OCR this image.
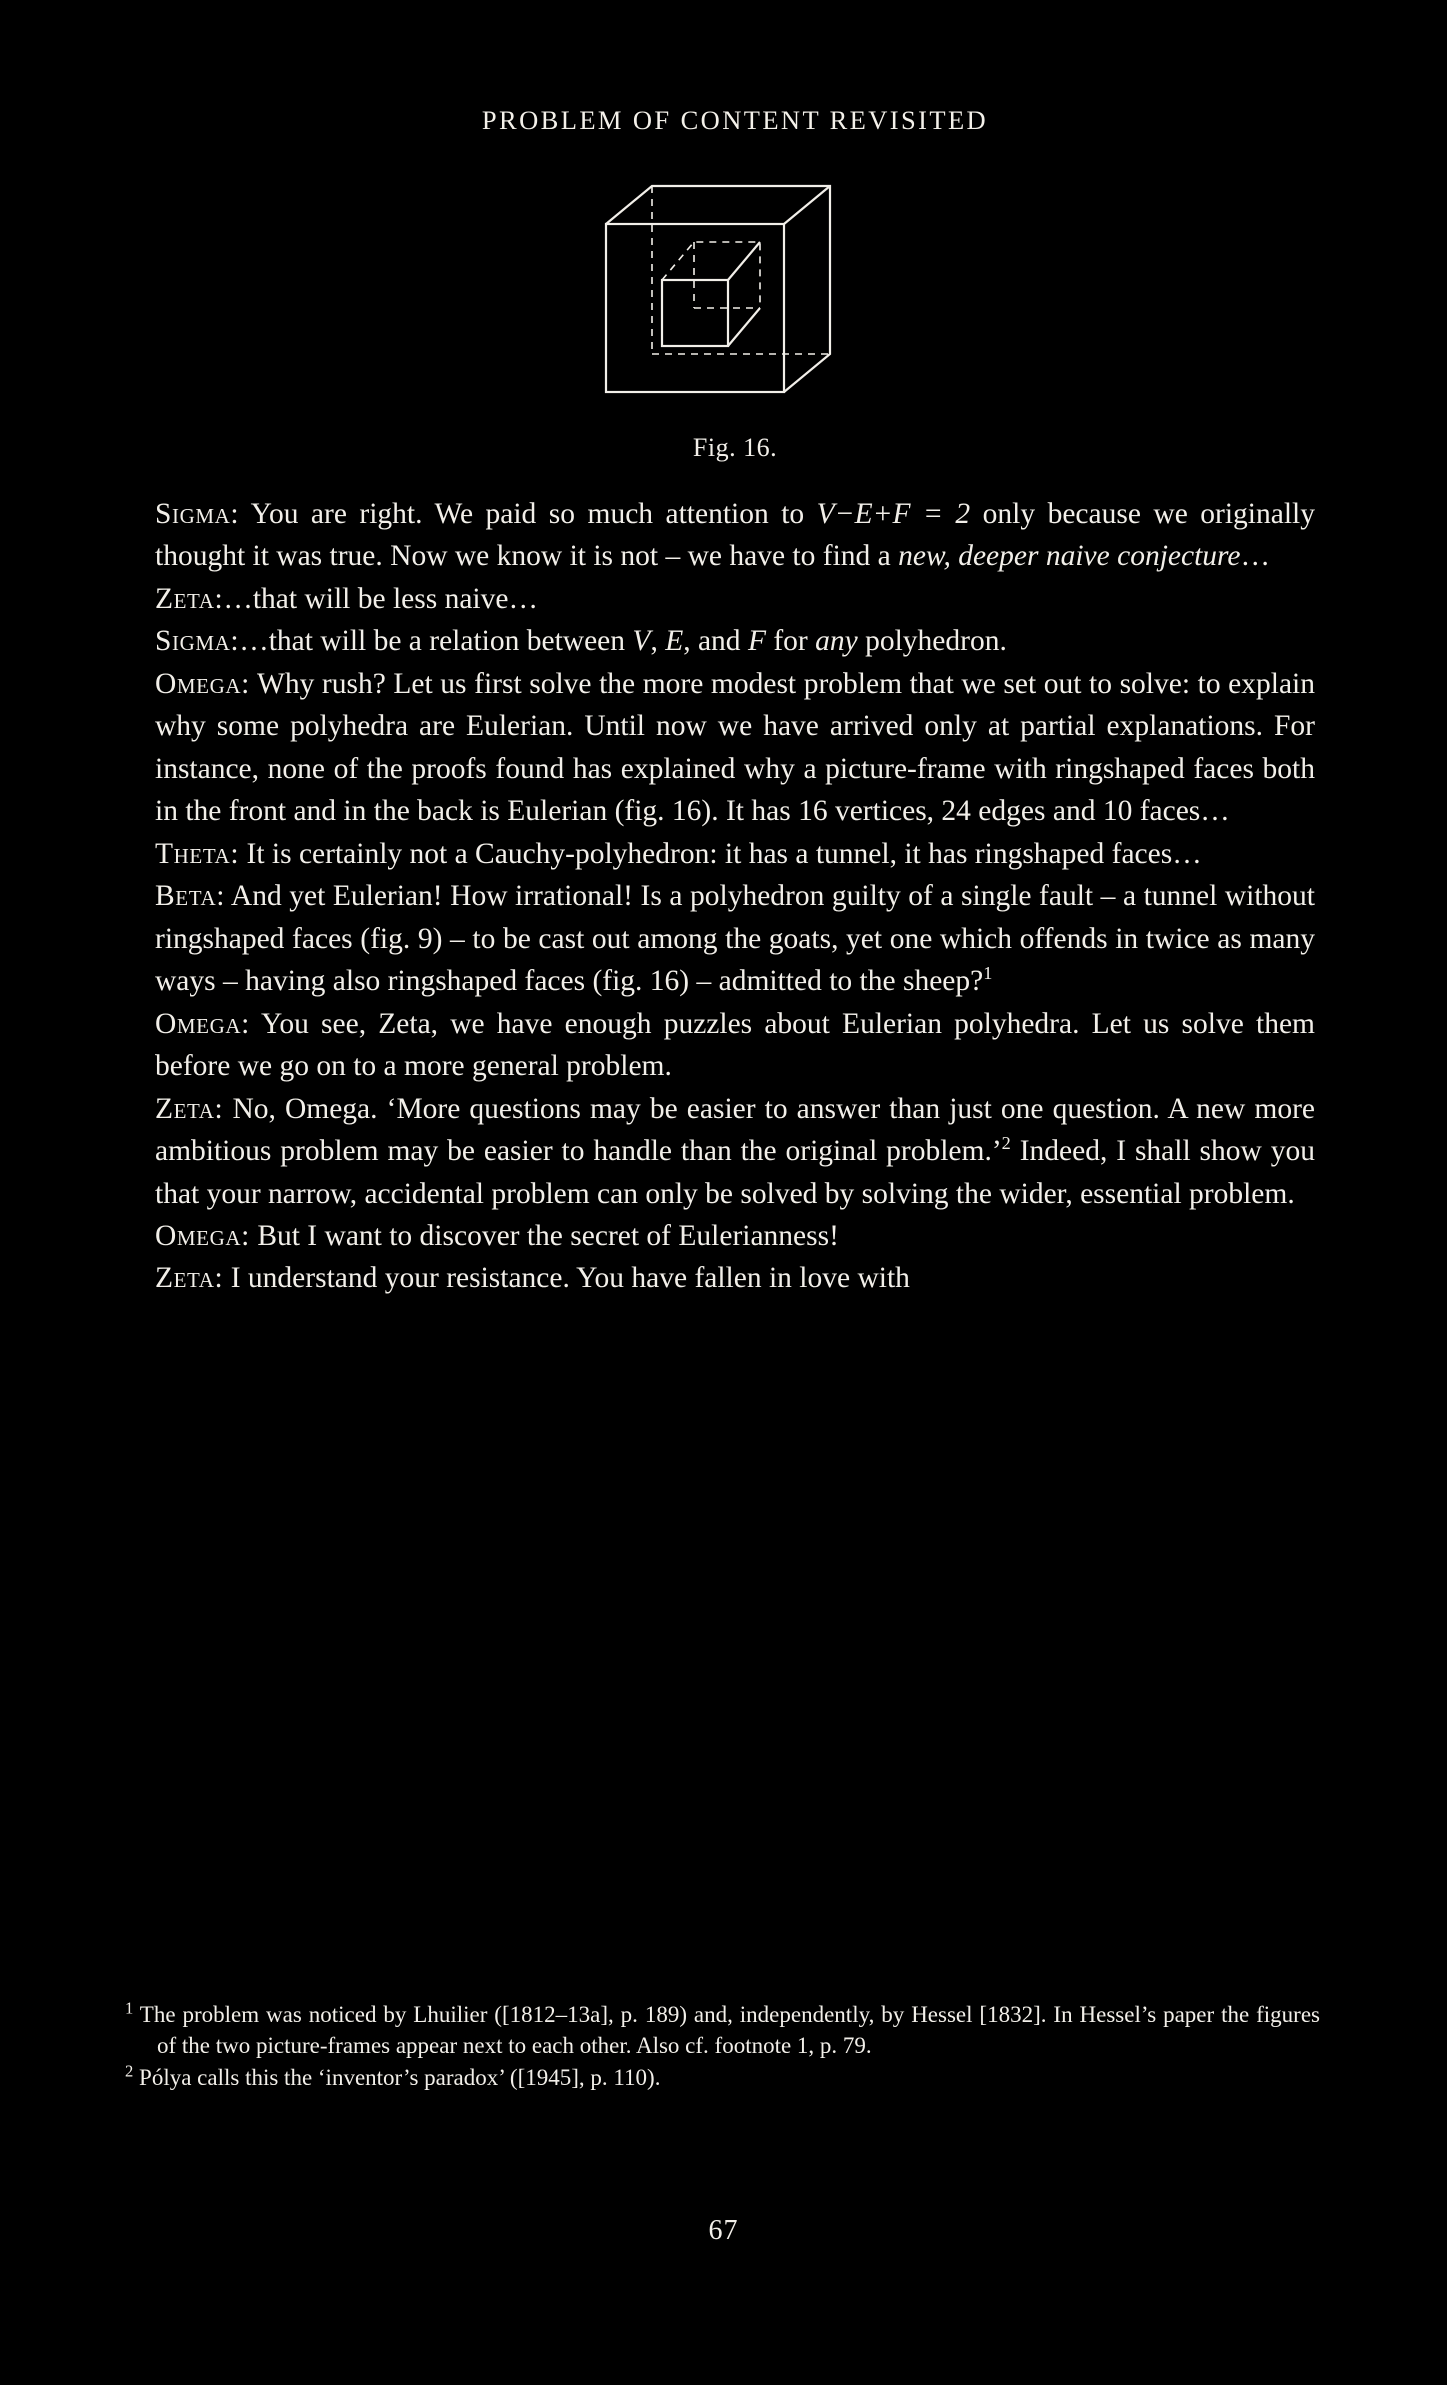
PROBLEM OF CONTENT REVISITED
Fig. 16.

Sigma: You are right. We paid so much attention to V−E+F = 2 only because we originally thought it was true. Now we know it is not – we have to find a new, deeper naive conjecture…

Zeta:…that will be less naive…

Sigma:…that will be a relation between V, E, and F for any polyhedron.

Omega: Why rush? Let us first solve the more modest problem that we set out to solve: to explain why some polyhedra are Eulerian. Until now we have arrived only at partial explanations. For instance, none of the proofs found has explained why a picture-frame with ringshaped faces both in the front and in the back is Eulerian (fig. 16). It has 16 vertices, 24 edges and 10 faces…

Theta: It is certainly not a Cauchy-polyhedron: it has a tunnel, it has ringshaped faces…

Beta: And yet Eulerian! How irrational! Is a polyhedron guilty of a single fault – a tunnel without ringshaped faces (fig. 9) – to be cast out among the goats, yet one which offends in twice as many ways – having also ringshaped faces (fig. 16) – admitted to the sheep?$^1$

Omega: You see, Zeta, we have enough puzzles about Eulerian polyhedra. Let us solve them before we go on to a more general problem.

Zeta: No, Omega. ‘More questions may be easier to answer than just one question. A new more ambitious problem may be easier to handle than the original problem.’$^2$ Indeed, I shall show you that your narrow, accidental problem can only be solved by solving the wider, essential problem.

Omega: But I want to discover the secret of Eulerianness!

Zeta: I understand your resistance. You have fallen in love with

$^1$ The problem was noticed by Lhuilier ([1812–13a], p. 189) and, independently, by Hessel [1832]. In Hessel’s paper the figures of the two picture-frames appear next to each other. Also cf. footnote 1, p. 79.
$^2$ Pólya calls this the ‘inventor’s paradox’ ([1945], p. 110).
67
